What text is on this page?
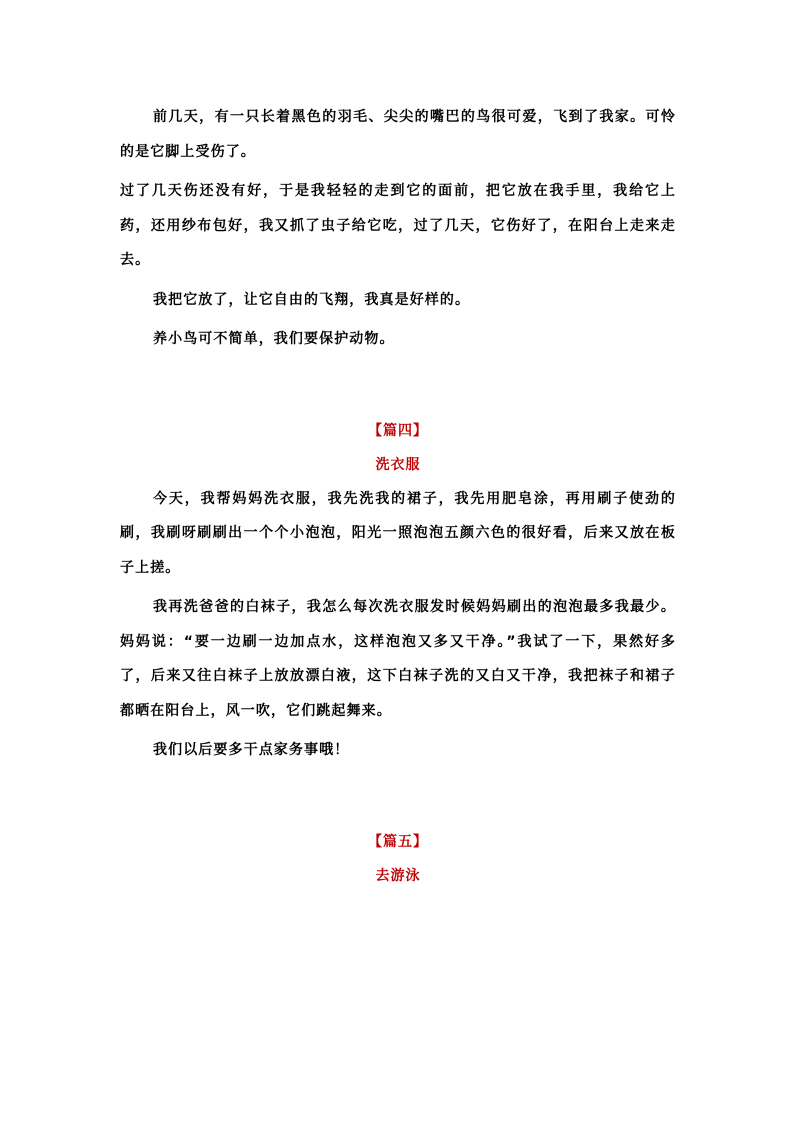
前几天，有一只长着黑色的羽毛、尖尖的嘴巴的鸟很可爱，飞到了我家。可怜的是它脚上受伤了。

过了几天伤还没有好，于是我轻轻的走到它的面前，把它放在我手里，我给它上药，还用纱布包好，我又抓了虫子给它吃，过了几天，它伤好了，在阳台上走来走去。

我把它放了，让它自由的飞翔，我真是好样的。

养小鸟可不简单，我们要保护动物。

【篇四】

洗衣服

今天，我帮妈妈洗衣服，我先洗我的裙子，我先用肥皂涂，再用刷子使劲的刷，我刷呀刷刷出一个个小泡泡，阳光一照泡泡五颜六色的很好看，后来又放在板子上搓。

我再洗爸爸的白袜子，我怎么每次洗衣服发时候妈妈刷出的泡泡最多我最少。妈妈说：“要一边刷一边加点水，这样泡泡又多又干净。”我试了一下，果然好多了，后来又往白袜子上放放漂白液，这下白袜子洗的又白又干净，我把袜子和裙子都晒在阳台上，风一吹，它们跳起舞来。

我们以后要多干点家务事哦！

【篇五】

去游泳
